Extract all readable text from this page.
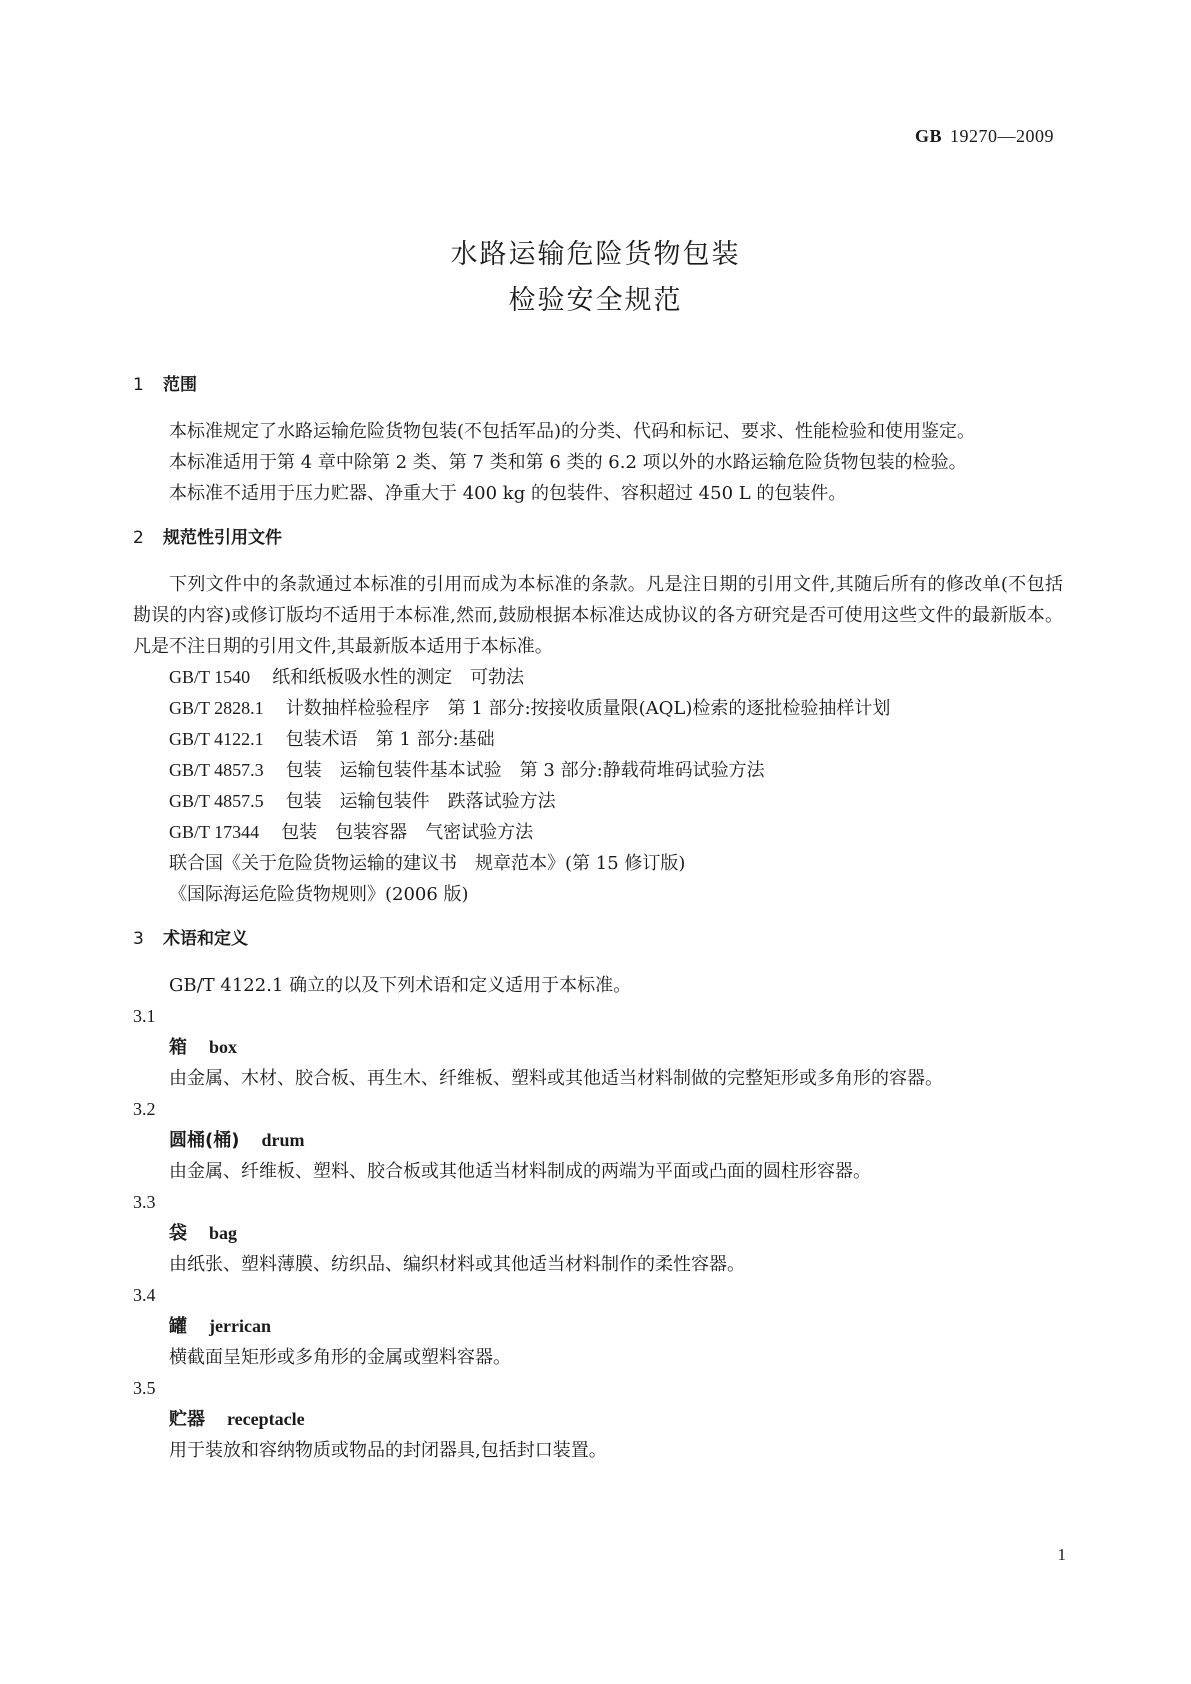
GB 19270—2009
水路运输危险货物包装
检验安全规范
1 范围

本标准规定了水路运输危险货物包装(不包括军品)的分类、代码和标记、要求、性能检验和使用鉴定。

本标准适用于第 4 章中除第 2 类、第 7 类和第 6 类的 6.2 项以外的水路运输危险货物包装的检验。

本标准不适用于压力贮器、净重大于 400 kg 的包装件、容积超过 450 L 的包装件。

2 规范性引用文件

下列文件中的条款通过本标准的引用而成为本标准的条款。凡是注日期的引用文件,其随后所有的修改单(不包括勘误的内容)或修订版均不适用于本标准,然而,鼓励根据本标准达成协议的各方研究是否可使用这些文件的最新版本。凡是不注日期的引用文件,其最新版本适用于本标准。

GB/T 1540 纸和纸板吸水性的测定　可勃法
GB/T 2828.1 计数抽样检验程序　第 1 部分:按接收质量限(AQL)检索的逐批检验抽样计划
GB/T 4122.1 包装术语　第 1 部分:基础
GB/T 4857.3 包装　运输包装件基本试验　第 3 部分:静载荷堆码试验方法
GB/T 4857.5 包装　运输包装件　跌落试验方法
GB/T 17344 包装　包装容器　气密试验方法
联合国《关于危险货物运输的建议书　规章范本》(第 15 修订版)
《国际海运危险货物规则》(2006 版)
3 术语和定义

GB/T 4122.1 确立的以及下列术语和定义适用于本标准。

3.1
箱 box
由金属、木材、胶合板、再生木、纤维板、塑料或其他适当材料制做的完整矩形或多角形的容器。
3.2
圆桶(桶) drum
由金属、纤维板、塑料、胶合板或其他适当材料制成的两端为平面或凸面的圆柱形容器。
3.3
袋 bag
由纸张、塑料薄膜、纺织品、编织材料或其他适当材料制作的柔性容器。
3.4
罐 jerrican
横截面呈矩形或多角形的金属或塑料容器。
3.5
贮器 receptacle
用于装放和容纳物质或物品的封闭器具,包括封口装置。
1
